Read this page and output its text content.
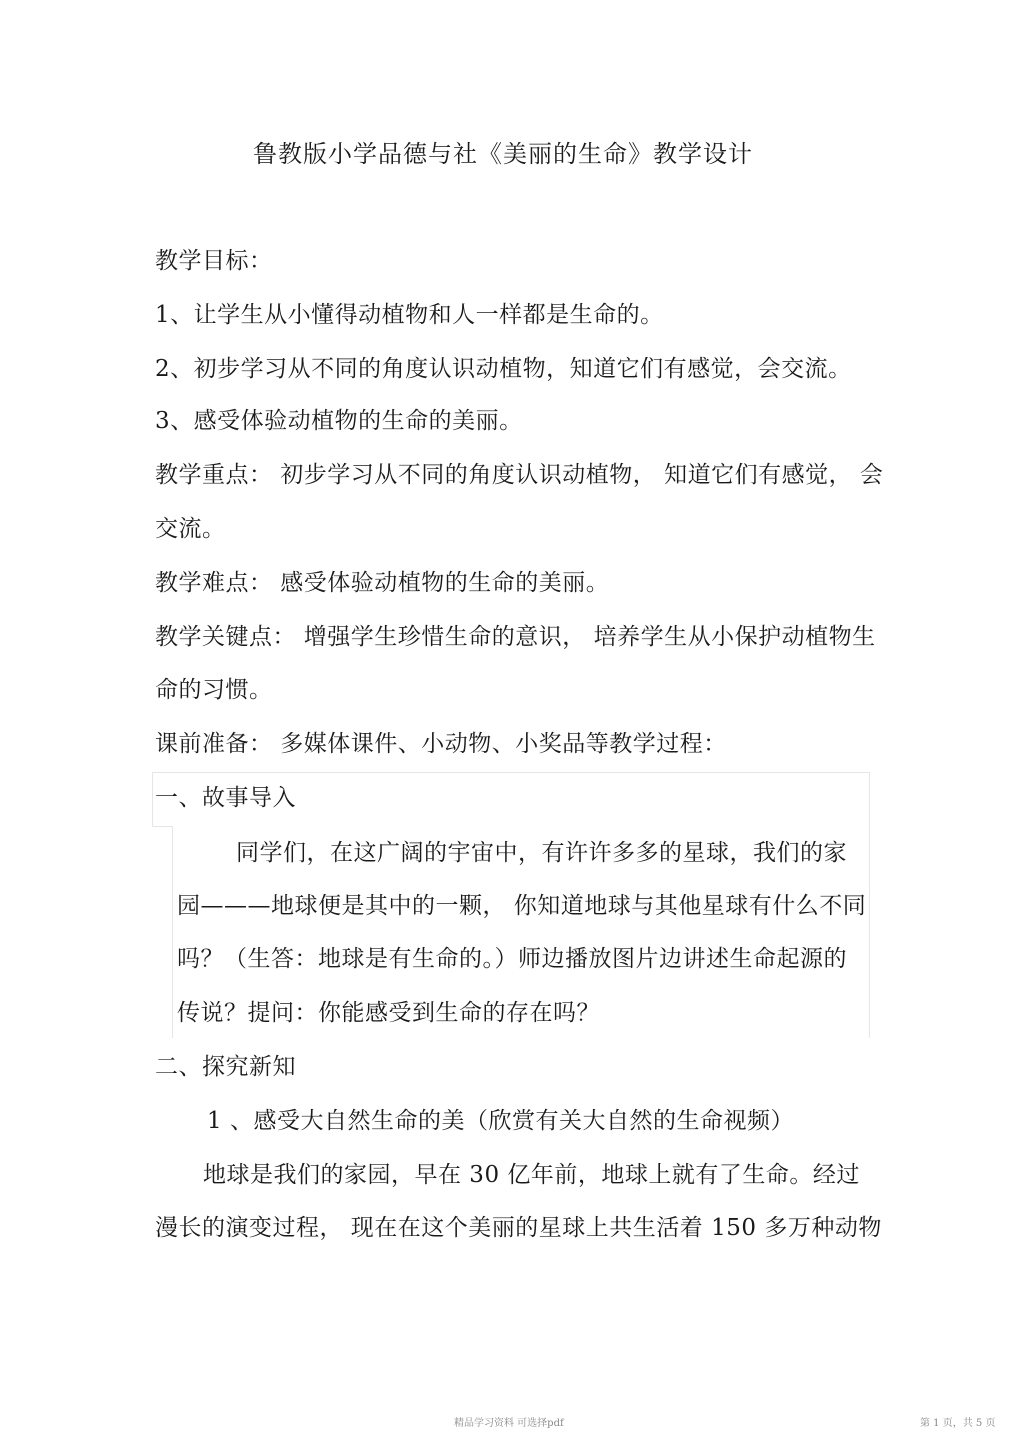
鲁教版小学品德与社《美丽的生命》教学设计

教学目标：

1、让学生从小懂得动植物和人一样都是生命的。

2、初步学习从不同的角度认识动植物，知道它们有感觉，会交流。

3、感受体验动植物的生命的美丽。

教学重点： 初步学习从不同的角度认识动植物， 知道它们有感觉， 会

交流。

教学难点： 感受体验动植物的生命的美丽。

教学关键点： 增强学生珍惜生命的意识， 培养学生从小保护动植物生

命的习惯。

课前准备： 多媒体课件、小动物、小奖品等教学过程：

一、故事导入

同学们，在这广阔的宇宙中，有许许多多的星球，我们的家

园———地球便是其中的一颗， 你知道地球与其他星球有什么不同

吗？（生答：地球是有生命的。）师边播放图片边讲述生命起源的

传说？提问：你能感受到生命的存在吗？

二、探究新知

1 、感受大自然生命的美（欣赏有关大自然的生命视频）

地球是我们的家园，早在 30 亿年前，地球上就有了生命。经过

漫长的演变过程， 现在在这个美丽的星球上共生活着 150 多万种动物

精品学习资料 可选择pdf	第 1 页，共 5 页
